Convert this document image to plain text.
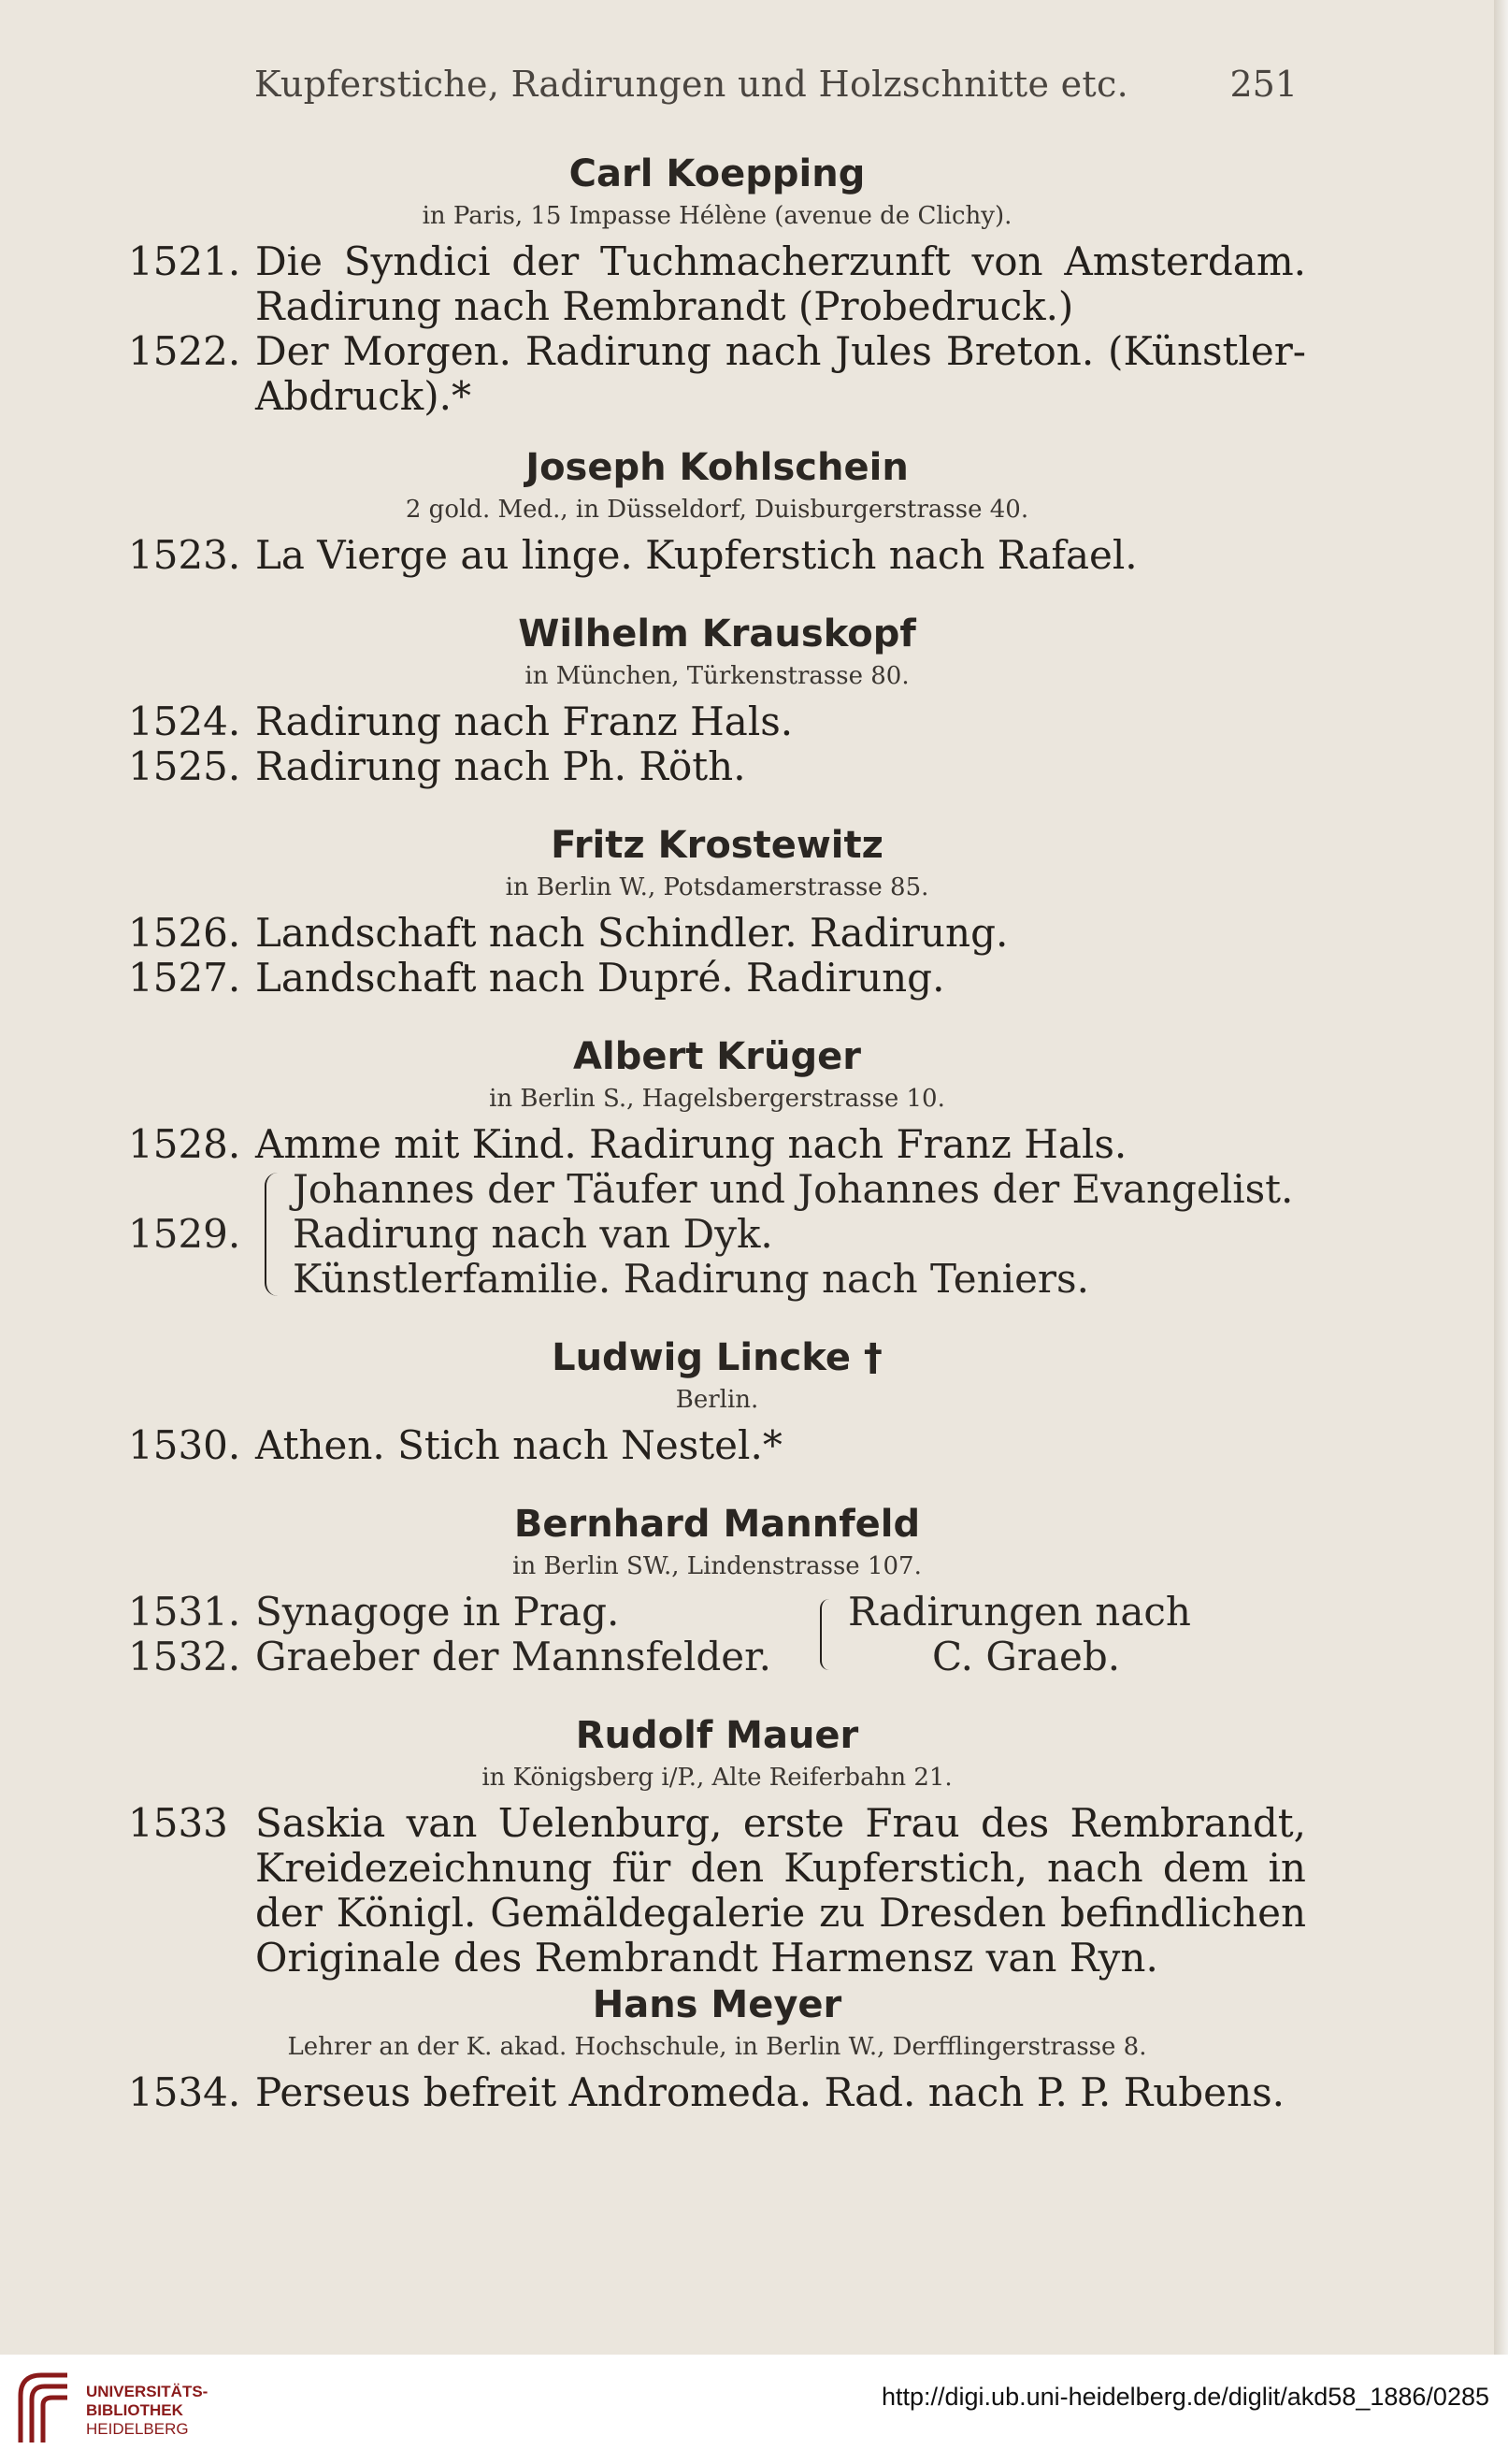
Kupferstiche, Radirungen und Holzschnitte etc.	251
Carl Koepping
in Paris, 15 Impasse Hélène (avenue de Clichy).
1521. Die Syndici der Tuchmacherzunft von Amsterdam. Radirung nach Rembrandt (Probedruck.)
1522. Der Morgen. Radirung nach Jules Breton. (Künstler-Abdruck).*
Joseph Kohlschein
2 gold. Med., in Düsseldorf, Duisburgerstrasse 40.
1523. La Vierge au linge. Kupferstich nach Rafael.
Wilhelm Krauskopf
in München, Türkenstrasse 80.
1524. Radirung nach Franz Hals.
1525. Radirung nach Ph. Röth.
Fritz Krostewitz
in Berlin W., Potsdamerstrasse 85.
1526. Landschaft nach Schindler. Radirung.
1527. Landschaft nach Dupré. Radirung.
Albert Krüger
in Berlin S., Hagelsbergerstrasse 10.
1528. Amme mit Kind. Radirung nach Franz Hals.
1529.
Johannes der Täufer und Johannes der Evangelist.
Radirung nach van Dyk.
Künstlerfamilie. Radirung nach Teniers.
Ludwig Lincke †
Berlin.
1530. Athen. Stich nach Nestel.*
Bernhard Mannfeld
in Berlin SW., Lindenstrasse 107.
1531. Synagoge in Prag.
1532. Graeber der Mannsfelder.
Radirungen nach
C. Graeb.
Rudolf Mauer
in Königsberg i/P., Alte Reiferbahn 21.
1533 Saskia van Uelenburg, erste Frau des Rembrandt, Kreidezeichnung für den Kupferstich, nach dem in der Königl. Gemäldegalerie zu Dresden befindlichen Originale des Rembrandt Harmensz van Ryn.
Hans Meyer
Lehrer an der K. akad. Hochschule, in Berlin W., Derfflingerstrasse 8.
1534. Perseus befreit Andromeda. Rad. nach P. P. Rubens.
UNIVERSITÄTS-
BIBLIOTHEK
HEIDELBERG
http://digi.ub.uni-heidelberg.de/diglit/akd58_1886/0285
